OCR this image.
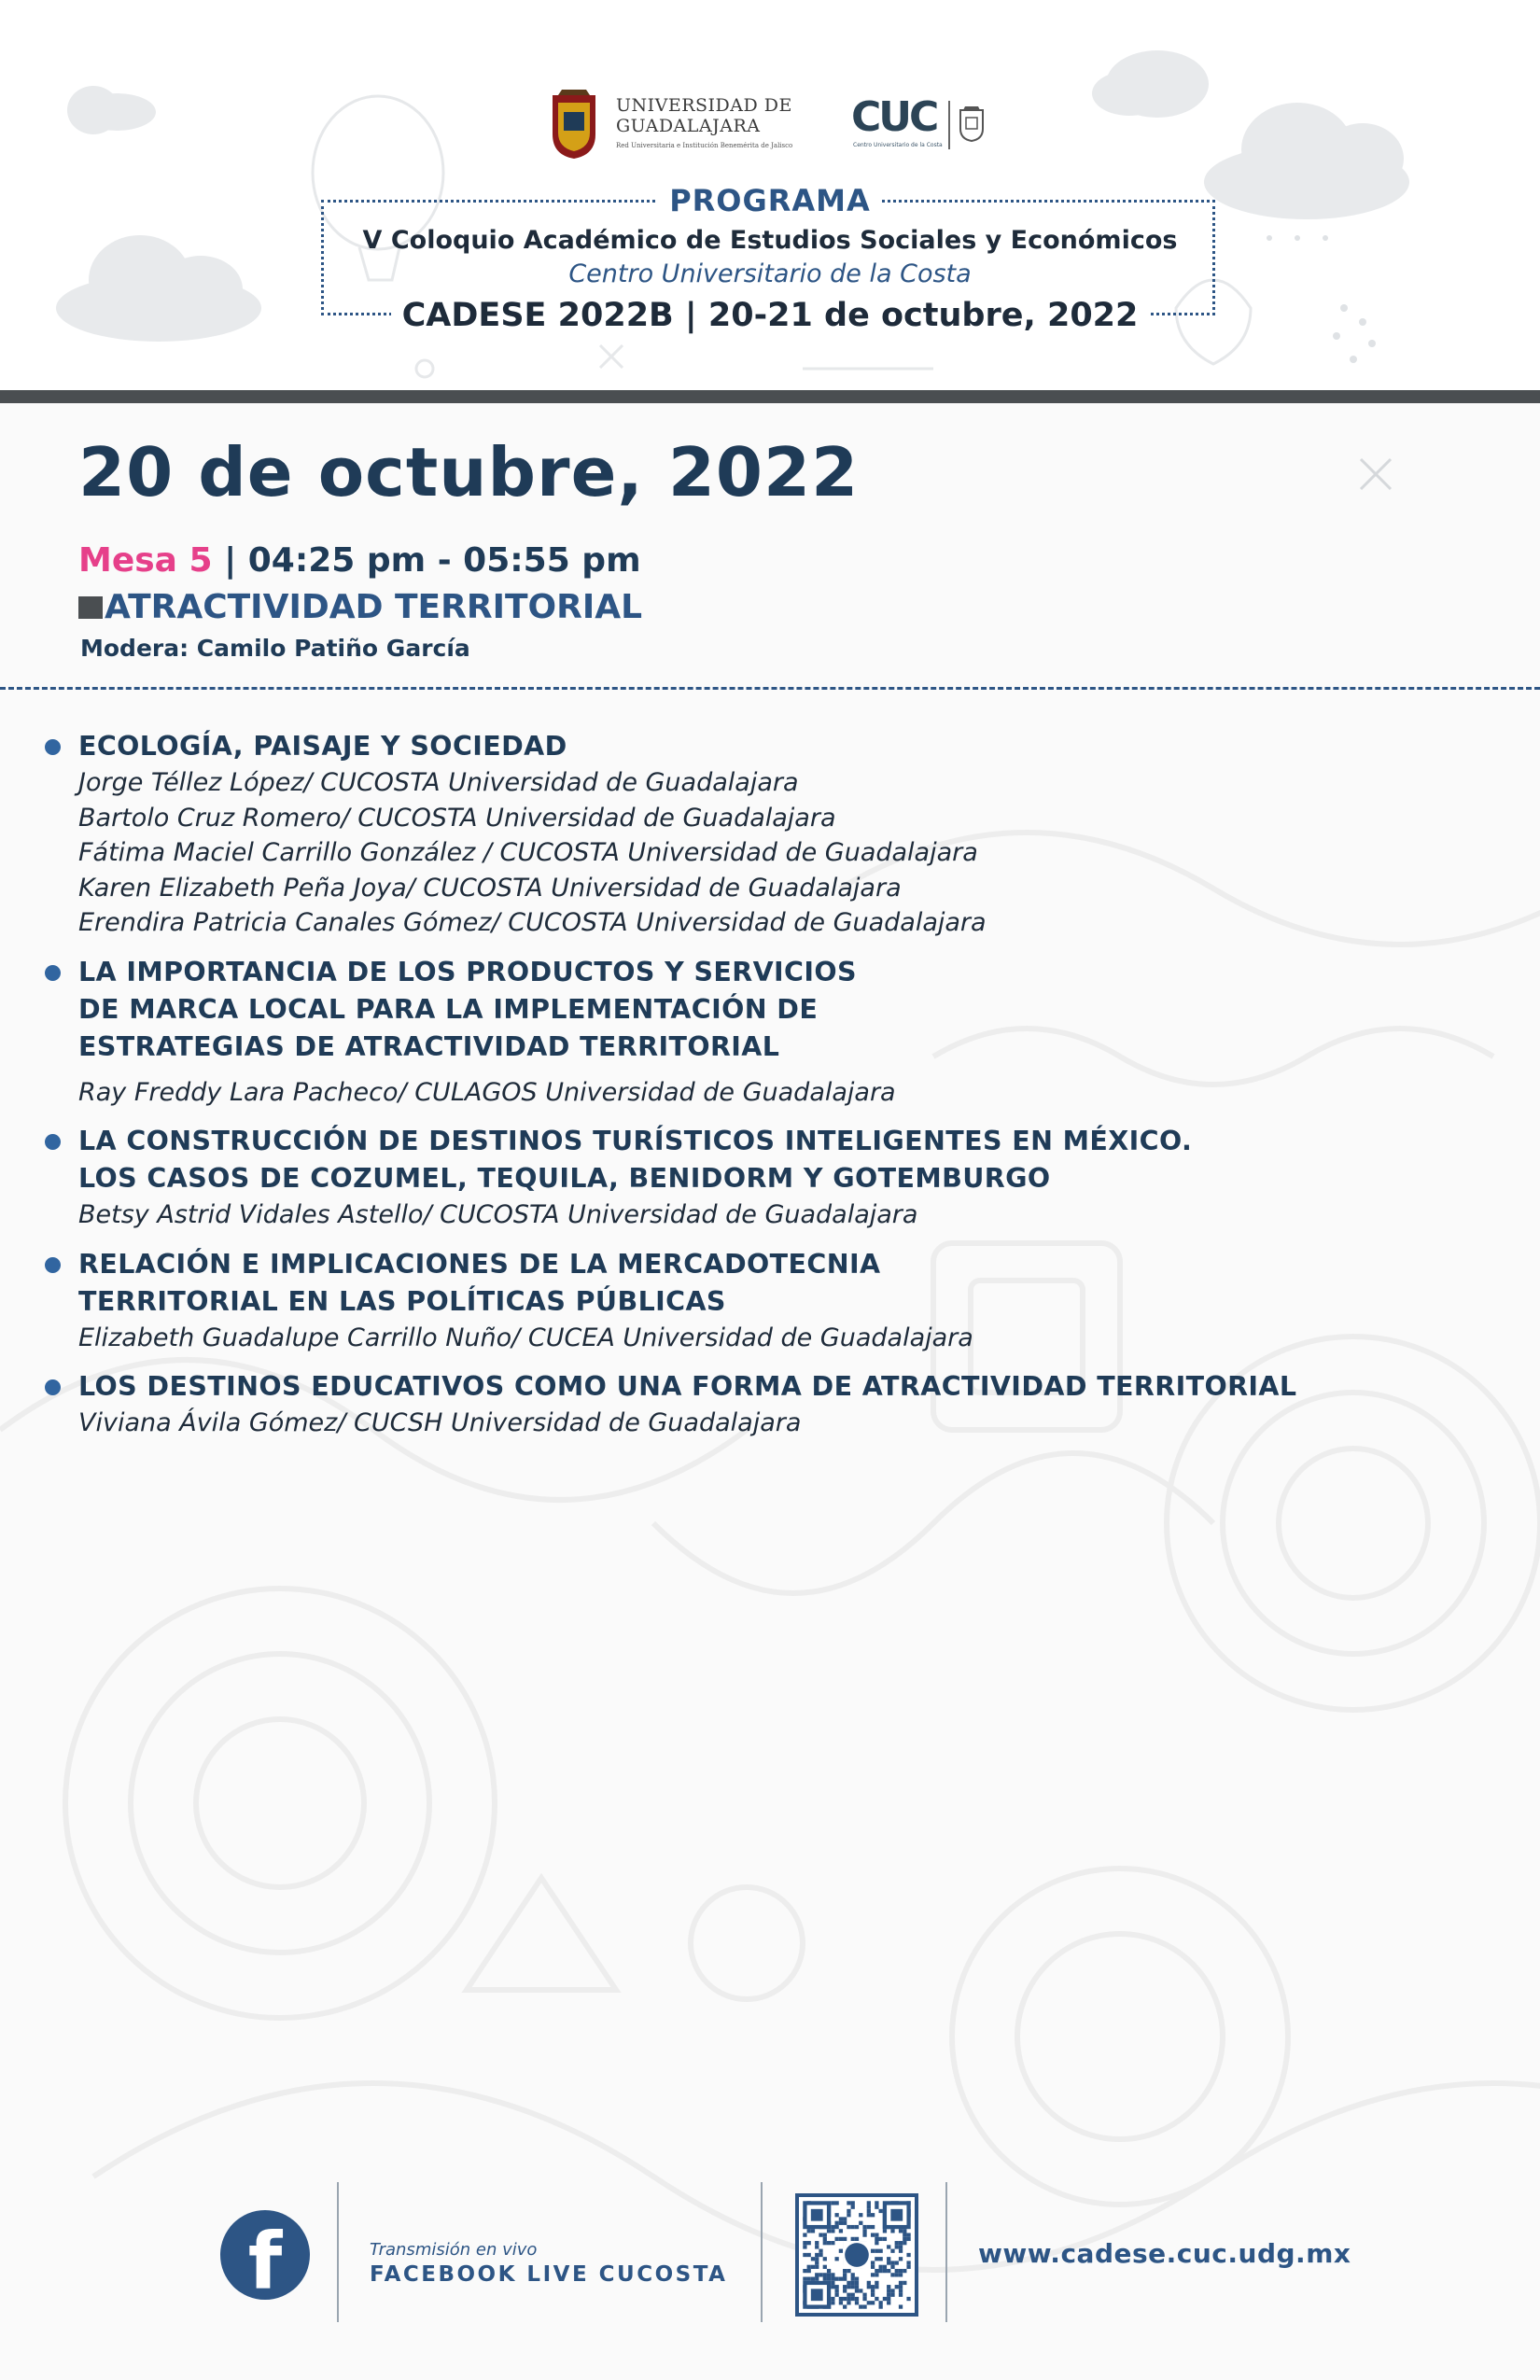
UNIVERSIDAD DE
GUADALAJARA
Red Universitaria e Institución Benemérita de Jalisco
CUC
Centro Universitario de la Costa
PROGRAMA
V Coloquio Académico de Estudios Sociales y Económicos
Centro Universitario de la Costa
CADESE 2022B | 20-21 de octubre, 2022
20 de octubre, 2022
Mesa 5 | 04:25 pm - 05:55 pm
ATRACTIVIDAD TERRITORIAL
Modera: Camilo Patiño García
ECOLOGÍA, PAISAJE Y SOCIEDAD
Jorge Téllez López/ CUCOSTA Universidad de Guadalajara
Bartolo Cruz Romero/ CUCOSTA Universidad de Guadalajara
Fátima Maciel Carrillo González / CUCOSTA Universidad de Guadalajara
Karen Elizabeth Peña Joya/ CUCOSTA Universidad de Guadalajara
Erendira Patricia Canales Gómez/ CUCOSTA Universidad de Guadalajara
LA IMPORTANCIA DE LOS PRODUCTOS Y SERVICIOS
DE MARCA LOCAL PARA LA IMPLEMENTACIÓN DE
ESTRATEGIAS DE ATRACTIVIDAD TERRITORIAL
Ray Freddy Lara Pacheco/ CULAGOS Universidad de Guadalajara
LA CONSTRUCCIÓN DE DESTINOS TURÍSTICOS INTELIGENTES EN MÉXICO.
LOS CASOS DE COZUMEL, TEQUILA, BENIDORM Y GOTEMBURGO
Betsy Astrid Vidales Astello/ CUCOSTA Universidad de Guadalajara
RELACIÓN E IMPLICACIONES DE LA MERCADOTECNIA
TERRITORIAL EN LAS POLÍTICAS PÚBLICAS
Elizabeth Guadalupe Carrillo Nuño/ CUCEA Universidad de Guadalajara
LOS DESTINOS EDUCATIVOS COMO UNA FORMA DE ATRACTIVIDAD TERRITORIAL
Viviana Ávila Gómez/ CUCSH Universidad de Guadalajara
f	Transmisión en vivo
FACEBOOK LIVE CUCOSTA
www.cadese.cuc.udg.mx
